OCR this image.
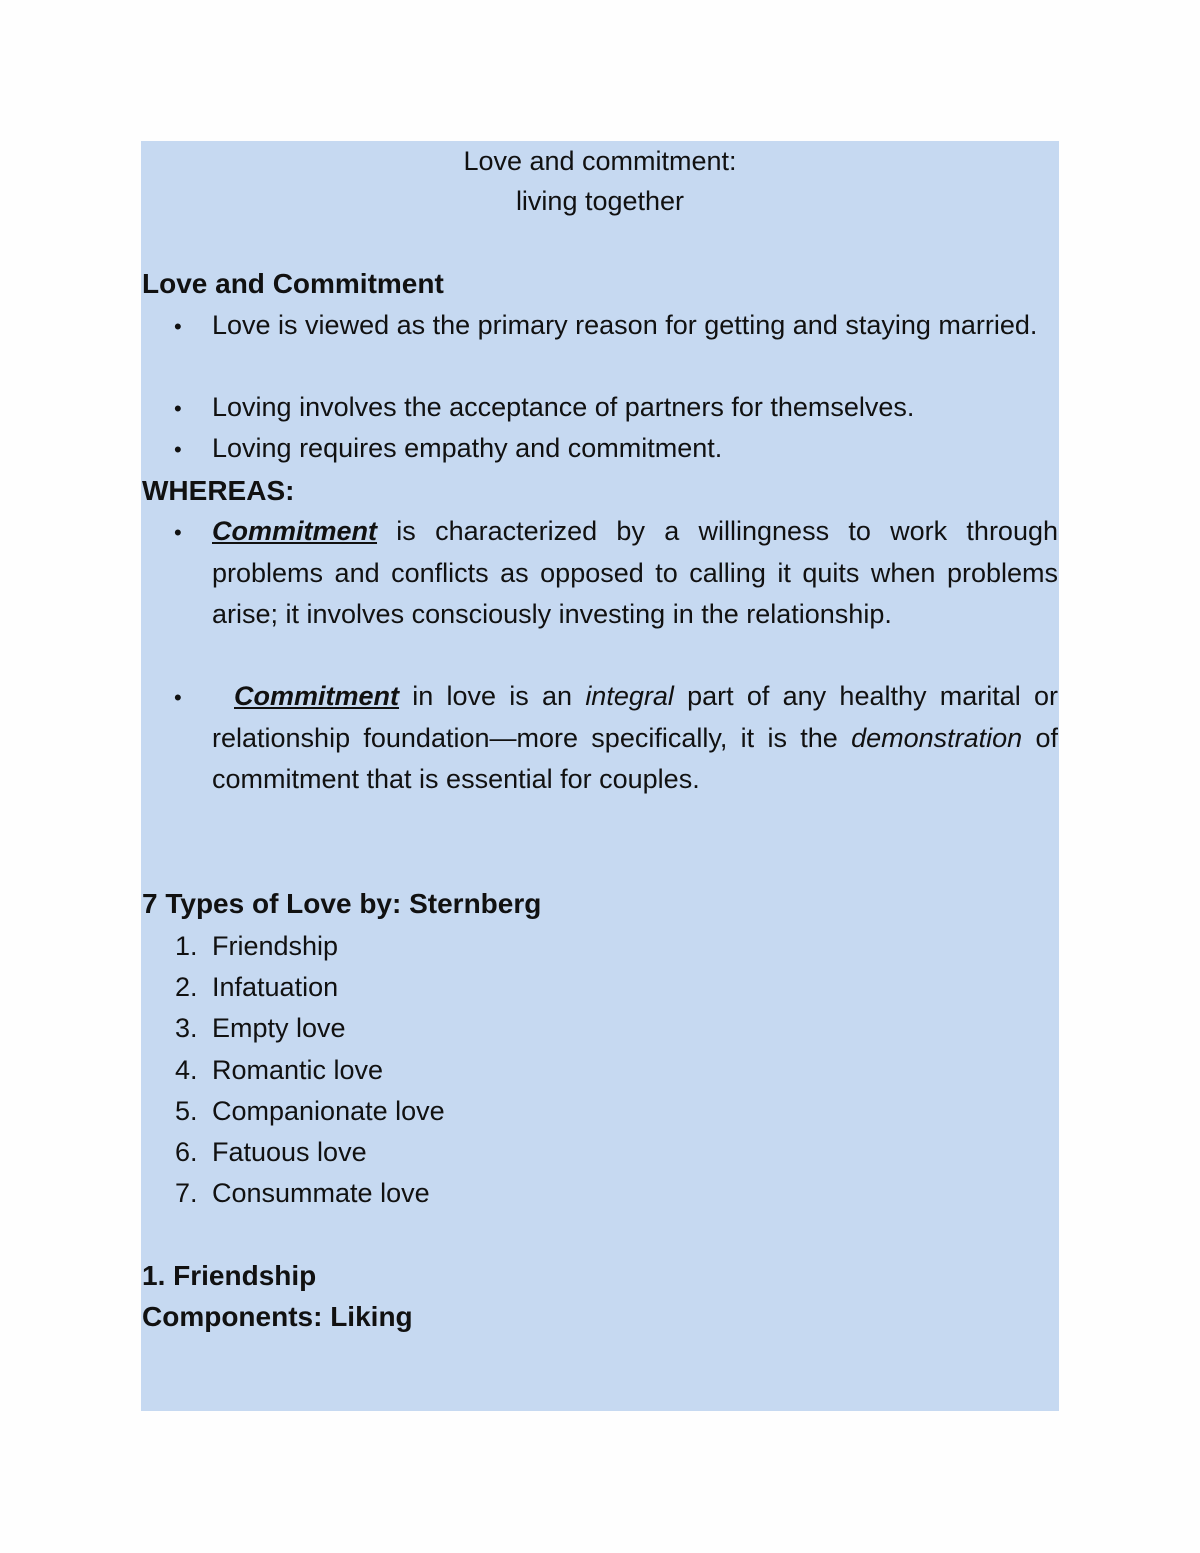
Love and commitment:
living together
Love and Commitment
• Love is viewed as the primary reason for getting and staying married.
• Loving involves the acceptance of partners for themselves.
• Loving requires empathy and commitment.
WHEREAS:
• Commitment is characterized by a willingness to work through problems and conflicts as opposed to calling it quits when problems arise; it involves consciously investing in the relationship.
•	Commitment in love is an integral part of any healthy marital or relationship foundation—more specifically, it is the demonstration of commitment that is essential for couples.
7 Types of Love by: Sternberg
1. Friendship
2. Infatuation
3. Empty love
4. Romantic love
5. Companionate love
6. Fatuous love
7. Consummate love
1. Friendship
Components: Liking
